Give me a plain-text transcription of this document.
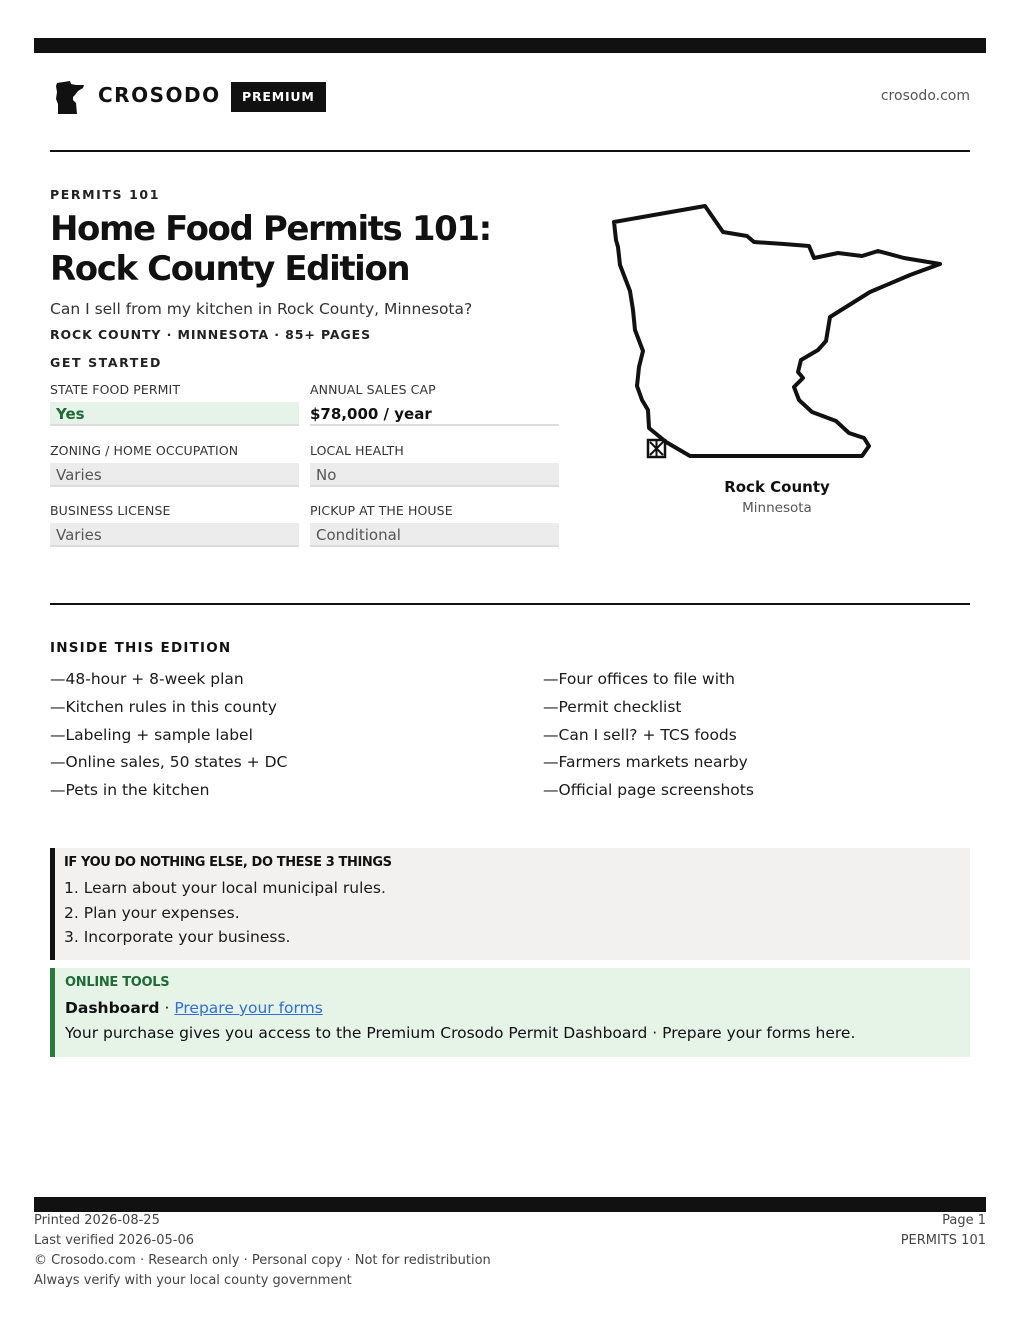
CROSODO	PREMIUM	crosodo.com
PERMITS 101
Home Food Permits 101: Rock County Edition
Can I sell from my kitchen in Rock County, Minnesota?
ROCK COUNTY · MINNESOTA · 85+ PAGES
GET STARTED
STATE FOOD PERMIT
Yes
ANNUAL SALES CAP
$78,000 / year
ZONING / HOME OCCUPATION
Varies
LOCAL HEALTH
No
BUSINESS LICENSE
Varies
PICKUP AT THE HOUSE
Conditional
Rock County
Minnesota
INSIDE THIS EDITION
—48-hour + 8-week plan
—Kitchen rules in this county
—Labeling + sample label
—Online sales, 50 states + DC
—Pets in the kitchen
—Four offices to file with
—Permit checklist
—Can I sell? + TCS foods
—Farmers markets nearby
—Official page screenshots
IF YOU DO NOTHING ELSE, DO THESE 3 THINGS
1. Learn about your local municipal rules.
2. Plan your expenses.
3. Incorporate your business.
ONLINE TOOLS
Dashboard · Prepare your forms
Your purchase gives you access to the Premium Crosodo Permit Dashboard · Prepare your forms here.
Printed 2026-08-25
Last verified 2026-05-06
© Crosodo.com · Research only · Personal copy · Not for redistribution
Always verify with your local county government
Page 1
PERMITS 101
